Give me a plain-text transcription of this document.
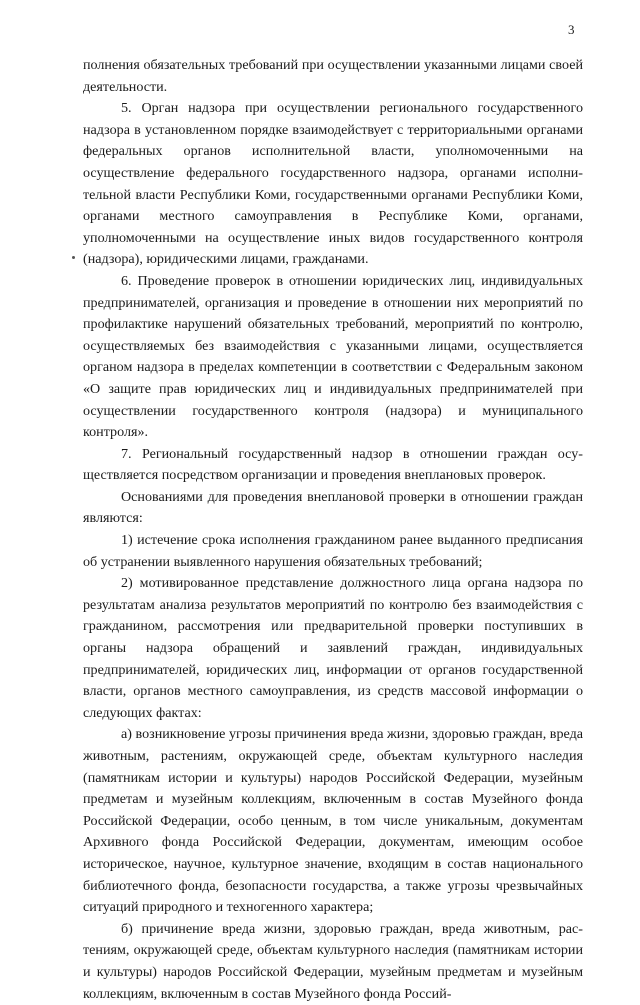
3

полнения обязательных требований при осуществлении указанными лицами своей деятельности.

5. Орган надзора при осуществлении регионального государственного надзора в установленном порядке взаимодействует с территориальными органами федеральных органов исполнительной власти, уполномоченными на осуществление федерального государственного надзора, органами исполнительной власти Республики Коми, государственными органами Республики Коми, органами местного самоуправления в Республике Коми, органами, уполномоченными на осуществление иных видов государственного контроля (надзора), юридическими лицами, гражданами.

6. Проведение проверок в отношении юридических лиц, индивидуальных предпринимателей, организация и проведение в отношении них мероприятий по профилактике нарушений обязательных требований, мероприятий по контролю, осуществляемых без взаимодействия с указанными лицами, осуществляется органом надзора в пределах компетенции в соответствии с Федеральным законом «О защите прав юридических лиц и индивидуальных предпринимателей при осуществлении государственного контроля (надзора) и муниципального контроля».

7. Региональный государственный надзор в отношении граждан осуществляется посредством организации и проведения внеплановых проверок.

Основаниями для проведения внеплановой проверки в отношении граждан являются:

1) истечение срока исполнения гражданином ранее выданного предписания об устранении выявленного нарушения обязательных требований;

2) мотивированное представление должностного лица органа надзора по результатам анализа результатов мероприятий по контролю без взаимодействия с гражданином, рассмотрения или предварительной проверки поступивших в органы надзора обращений и заявлений граждан, индивидуальных предпринимателей, юридических лиц, информации от органов государственной власти, органов местного самоуправления, из средств массовой информации о следующих фактах:

а) возникновение угрозы причинения вреда жизни, здоровью граждан, вреда животным, растениям, окружающей среде, объектам культурного наследия (памятникам истории и культуры) народов Российской Федерации, музейным предметам и музейным коллекциям, включенным в состав Музейного фонда Российской Федерации, особо ценным, в том числе уникальным, документам Архивного фонда Российской Федерации, документам, имеющим особое историческое, научное, культурное значение, входящим в состав национального библиотечного фонда, безопасности государства, а также угрозы чрезвычайных ситуаций природного и техногенного характера;

б) причинение вреда жизни, здоровью граждан, вреда животным, растениям, окружающей среде, объектам культурного наследия (памятникам истории и культуры) народов Российской Федерации, музейным предметам и музейным коллекциям, включенным в состав Музейного фонда Россий-
